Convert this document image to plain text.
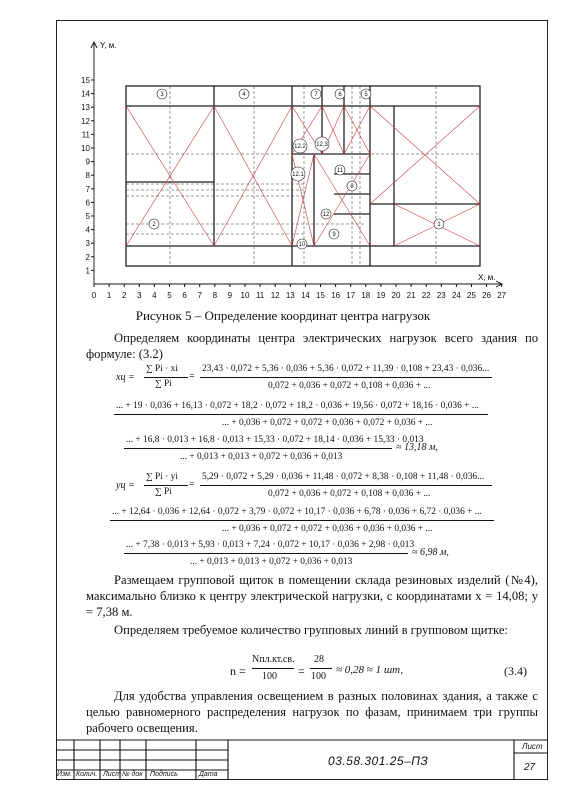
0 1 2 3 4 5 6 7 8 9 10 11 12 13 14 15 16 17 18 19 20 21 22 23 24 25 26 27
1
2
3
4
5
6
7
8
9
10
11
12
13
14
15
Y, м.
X, м.
1
2
3	4	5
6
7
8
9
10
11
12
12.1
12.2 12.3
Рисунок 5 – Определение координат центра нагрузок

Определяем координаты центра электрических нагрузок всего здания по формуле: (3.2)

xц =
∑ Pi · xi
∑ Pi
=
23,43 · 0,072 + 5,36 · 0,036 + 5,36 · 0,072 + 11,39 · 0,108 + 23,43 · 0,036...
0,072 + 0,036 + 0,072 + 0,108 + 0,036 + ...
... + 19 · 0,036 + 16,13 · 0,072 + 18,2 · 0,072 + 18,2 · 0,036 + 19,56 · 0,072 + 18,16 · 0,036 + ...
... + 0,036 + 0,072 + 0,072 + 0,036 + 0,072 + 0,036 + ...
... + 16,8 · 0,013 + 16,8 · 0,013 + 15,33 · 0,072 + 18,14 · 0,036 + 15,33 · 0,013
... + 0,013 + 0,013 + 0,072 + 0,036 + 0,013
≈ 13,18 м,
yц =
∑ Pi · yi
∑ Pi
=
5,29 · 0,072 + 5,29 · 0,036 + 11,48 · 0,072 + 8,38 · 0,108 + 11,48 · 0,036...
0,072 + 0,036 + 0,072 + 0,108 + 0,036 + ...
... + 12,64 · 0,036 + 12,64 · 0,072 + 3,79 · 0,072 + 10,17 · 0,036 + 6,78 · 0,036 + 6,72 · 0,036 + ...
... + 0,036 + 0,072 + 0,072 + 0,036 + 0,036 + 0,036 + ...
... + 7,38 · 0,013 + 5,93 · 0,013 + 7,24 · 0,072 + 10,17 · 0,036 + 2,98 · 0,013
... + 0,013 + 0,013 + 0,072 + 0,036 + 0,013
≈ 6,98 м,

Размещаем групповой щиток в помещении склада резиновых изделий (№4), максимально близко к центру электрической нагрузки, с координатами х = 14,08; у = 7,38 м.

Определяем требуемое количество групповых линий в групповом щитке:

n =
Nпл.кт.св.
100 =
28
100
≈ 0,28 ≈ 1 шт,	(3.4)

Для удобства управления освещением в разных половинах здания, а также с целью равномерного распределения нагрузок по фазам, принимаем три группы рабочего освещения.

Изм. Колич. Лист № док Подпись	Дата
03.58.301.25–ПЗ
Лист
27
